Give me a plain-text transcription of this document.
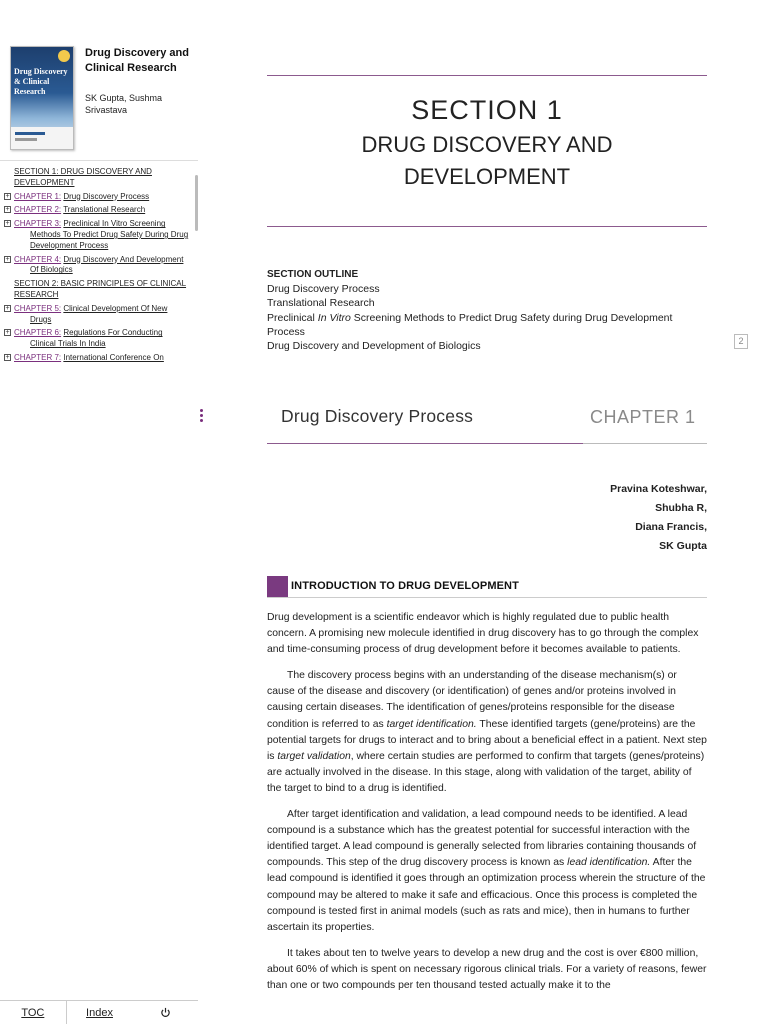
Drug Discovery & Clinical Research
Drug Discovery and Clinical Research
SK Gupta, Sushma Srivastava
SECTION 1: DRUG DISCOVERY AND DEVELOPMENT
+ CHAPTER 1: Drug Discovery Process
+ CHAPTER 2: Translational Research
+ CHAPTER 3: Preclinical In Vitro Screening
Methods To Predict Drug Safety During Drug Development Process
+ CHAPTER 4: Drug Discovery And Development
Of Biologics
SECTION 2: BASIC PRINCIPLES OF CLINICAL RESEARCH
+ CHAPTER 5: Clinical Development Of New
Drugs
+ CHAPTER 6: Regulations For Conducting
Clinical Trials In India
+ CHAPTER 7: International Conference On
TOC	Index
SECTION 1
DRUG DISCOVERY AND DEVELOPMENT
SECTION OUTLINE
Drug Discovery Process
Translational Research
Preclinical In Vitro Screening Methods to Predict Drug Safety during Drug Development Process
Drug Discovery and Development of Biologics	2
Drug Discovery Process	CHAPTER 1
Pravina Koteshwar,
Shubha R,
Diana Francis,
SK Gupta
INTRODUCTION TO DRUG DEVELOPMENT

Drug development is a scientific endeavor which is highly regulated due to public health concern. A promising new molecule identified in drug discovery has to go through the complex and time-consuming process of drug development before it becomes available to patients.

The discovery process begins with an understanding of the disease mechanism(s) or cause of the disease and discovery (or identification) of genes and/or proteins involved in causing certain diseases. The identification of genes/proteins responsible for the disease condition is referred to as target identification. These identified targets (gene/proteins) are the potential targets for drugs to interact and to bring about a beneficial effect in a patient. Next step is target validation, where certain studies are performed to confirm that targets (genes/proteins) are actually involved in the disease. In this stage, along with validation of the target, ability of the target to bind to a drug is identified.

After target identification and validation, a lead compound needs to be identified. A lead compound is a substance which has the greatest potential for successful interaction with the identified target. A lead compound is generally selected from libraries containing thousands of compounds. This step of the drug discovery process is known as lead identification. After the lead compound is identified it goes through an optimization process wherein the structure of the compound may be altered to make it safe and efficacious. Once this process is completed the compound is tested first in animal models (such as rats and mice), then in humans to further ascertain its properties.

It takes about ten to twelve years to develop a new drug and the cost is over €800 million, about 60% of which is spent on necessary rigorous clinical trials. For a variety of reasons, fewer than one or two compounds per ten thousand tested actually make it to the
